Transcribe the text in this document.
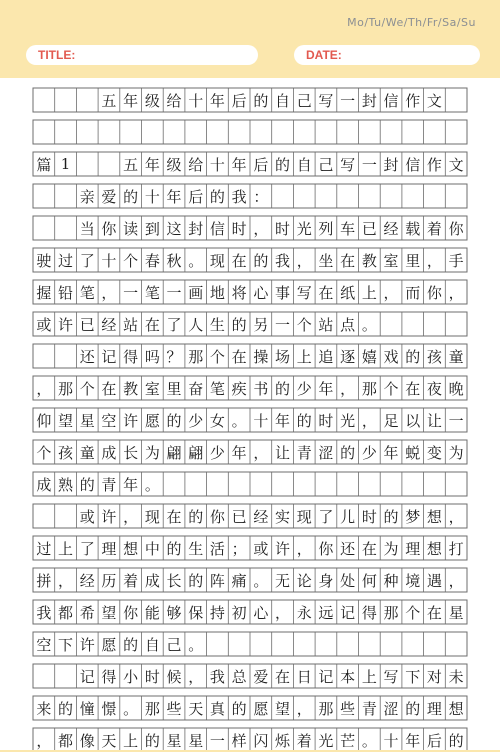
Mo/Tu/We/Th/Fr/Sa/Su
TITLE:	DATE:
五 年 级 给 十 年 后 的 自 己 写 一 封 信 作 文
篇 1	五 年 级 给 十 年 后 的 自 己 写 一 封 信 作 文
亲 爱 的 十 年 后 的 我 ：
当 你 读 到 这 封 信 时 ， 时 光 列 车 已 经 载 着 你
驶 过 了 十 个 春 秋 。 现 在 的 我 ， 坐 在 教 室 里 ， 手
握 铅 笔 ， 一 笔 一 画 地 将 心 事 写 在 纸 上 ， 而 你 ，
或 许 已 经 站 在 了 人 生 的 另 一 个 站 点 。
还 记 得 吗 ？ 那 个 在 操 场 上 追 逐 嬉 戏 的 孩 童
， 那 个 在 教 室 里 奋 笔 疾 书 的 少 年 ， 那 个 在 夜 晚
仰 望 星 空 许 愿 的 少 女 。 十 年 的 时 光 ， 足 以 让 一
个 孩 童 成 长 为 翩 翩 少 年 ， 让 青 涩 的 少 年 蜕 变 为
成 熟 的 青 年 。
或 许 ， 现 在 的 你 已 经 实 现 了 儿 时 的 梦 想 ，
过 上 了 理 想 中 的 生 活 ； 或 许 ， 你 还 在 为 理 想 打
拼 ， 经 历 着 成 长 的 阵 痛 。 无 论 身 处 何 种 境 遇 ，
我 都 希 望 你 能 够 保 持 初 心 ， 永 远 记 得 那 个 在 星
空 下 许 愿 的 自 己 。
记 得 小 时 候 ， 我 总 爱 在 日 记 本 上 写 下 对 未
来 的 憧 憬 。 那 些 天 真 的 愿 望 ， 那 些 青 涩 的 理 想
， 都 像 天 上 的 星 星 一 样 闪 烁 着 光 芒 。 十 年 后 的
